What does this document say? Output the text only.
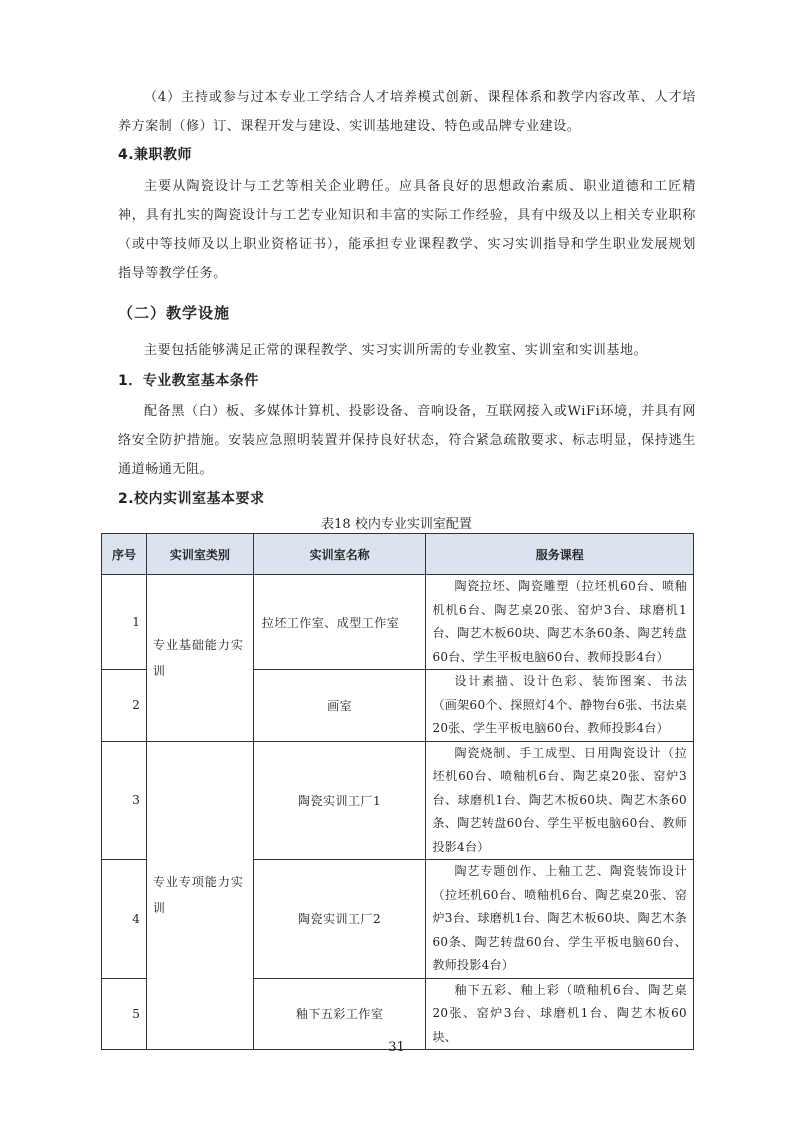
（4）主持或参与过本专业工学结合人才培养模式创新、课程体系和教学内容改革、人才培养方案制（修）订、课程开发与建设、实训基地建设、特色或品牌专业建设。
4.兼职教师
主要从陶瓷设计与工艺等相关企业聘任。应具备良好的思想政治素质、职业道德和工匠精神，具有扎实的陶瓷设计与工艺专业知识和丰富的实际工作经验，具有中级及以上相关专业职称（或中等技师及以上职业资格证书），能承担专业课程教学、实习实训指导和学生职业发展规划指导等教学任务。
（二）教学设施
主要包括能够满足正常的课程教学、实习实训所需的专业教室、实训室和实训基地。
1．专业教室基本条件
配备黑（白）板、多媒体计算机、投影设备、音响设备，互联网接入或WiFi环境，并具有网络安全防护措施。安装应急照明装置并保持良好状态，符合紧急疏散要求、标志明显，保持逃生通道畅通无阻。
2.校内实训室基本要求
表18 校内专业实训室配置
序号	实训室类别	实训室名称	服务课程
1	专业基础能力实训	拉坯工作室、成型工作室	陶瓷拉坯、陶瓷雕塑（拉坯机60台、喷釉机机6台、陶艺桌20张、窑炉3台、球磨机1台、陶艺木板60块、陶艺木条60条、陶艺转盘60台、学生平板电脑60台、教师投影4台）
2		画室	设计素描、设计色彩、装饰图案、书法（画架60个、探照灯4个、静物台6张、书法桌20张、学生平板电脑60台、教师投影4台）
3	专业专项能力实训	陶瓷实训工厂1	陶瓷烧制、手工成型、日用陶瓷设计（拉坯机60台、喷釉机6台、陶艺桌20张、窑炉3台、球磨机1台、陶艺木板60块、陶艺木条60条、陶艺转盘60台、学生平板电脑60台、教师投影4台）
4		陶瓷实训工厂2	陶艺专题创作、上釉工艺、陶瓷装饰设计（拉坯机60台、喷釉机6台、陶艺桌20张、窑炉3台、球磨机1台、陶艺木板60块、陶艺木条60条、陶艺转盘60台、学生平板电脑60台、教师投影4台）
5		釉下五彩工作室	釉下五彩、釉上彩（喷釉机6台、陶艺桌20张、窑炉3台、球磨机1台、陶艺木板60块、
31
